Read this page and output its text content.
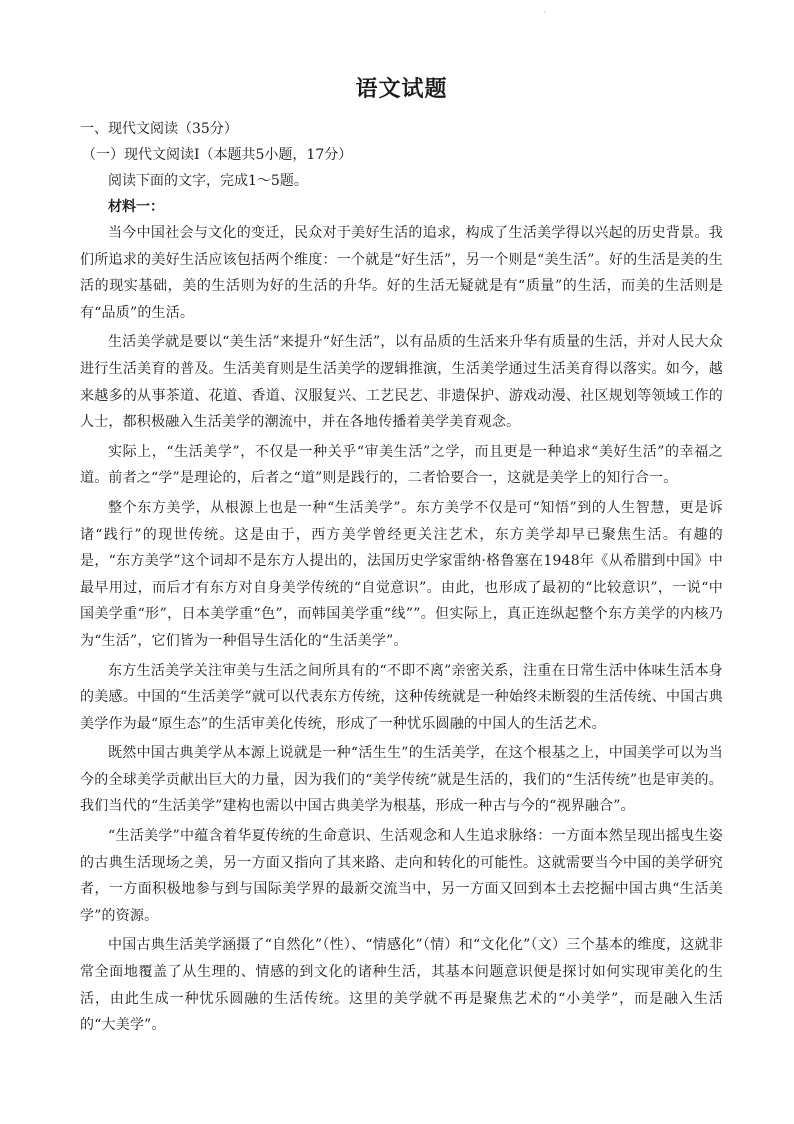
·
语文试题

一、现代文阅读（35分）

（一）现代文阅读Ⅰ（本题共5小题，17分）

阅读下面的文字，完成1～5题。

材料一：

当今中国社会与文化的变迁，民众对于美好生活的追求，构成了生活美学得以兴起的历史背景。我们所追求的美好生活应该包括两个维度：一个就是“好生活”，另一个则是“美生活”。好的生活是美的生活的现实基础，美的生活则为好的生活的升华。好的生活无疑就是有“质量”的生活，而美的生活则是有“品质”的生活。

生活美学就是要以“美生活”来提升“好生活”，以有品质的生活来升华有质量的生活，并对人民大众进行生活美育的普及。生活美育则是生活美学的逻辑推演，生活美学通过生活美育得以落实。如今，越来越多的从事茶道、花道、香道、汉服复兴、工艺民艺、非遗保护、游戏动漫、社区规划等领域工作的人士，都积极融入生活美学的潮流中，并在各地传播着美学美育观念。

实际上，“生活美学”，不仅是一种关乎“审美生活”之学，而且更是一种追求“美好生活”的幸福之道。前者之“学”是理论的，后者之“道”则是践行的，二者恰要合一，这就是美学上的知行合一。

整个东方美学，从根源上也是一种“生活美学”。东方美学不仅是可“知悟”到的人生智慧，更是诉诸“践行”的现世传统。这是由于，西方美学曾经更关注艺术，东方美学却早已聚焦生活。有趣的是，“东方美学”这个词却不是东方人提出的，法国历史学家雷纳·格鲁塞在1948年《从希腊到中国》中最早用过，而后才有东方对自身美学传统的“自觉意识”。由此，也形成了最初的“比较意识”，一说“中国美学重“形”，日本美学重“色”，而韩国美学重“线””。但实际上，真正连纵起整个东方美学的内核乃为“生活”，它们皆为一种倡导生活化的“生活美学”。

东方生活美学关注审美与生活之间所具有的“不即不离”亲密关系，注重在日常生活中体味生活本身的美感。中国的“生活美学”就可以代表东方传统，这种传统就是一种始终未断裂的生活传统、中国古典美学作为最“原生态”的生活审美化传统，形成了一种忧乐圆融的中国人的生活艺术。

既然中国古典美学从本源上说就是一种“活生生”的生活美学，在这个根基之上，中国美学可以为当今的全球美学贡献出巨大的力量，因为我们的“美学传统”就是生活的，我们的“生活传统”也是审美的。我们当代的“生活美学”建构也需以中国古典美学为根基，形成一种古与今的“视界融合”。

“生活美学”中蕴含着华夏传统的生命意识、生活观念和人生追求脉络：一方面本然呈现出摇曳生姿的古典生活现场之美，另一方面又指向了其来路、走向和转化的可能性。这就需要当今中国的美学研究者，一方面积极地参与到与国际美学界的最新交流当中，另一方面又回到本土去挖掘中国古典“生活美学”的资源。

中国古典生活美学涵摄了“自然化”（性）、“情感化”（情）和“文化化”（文）三个基本的维度，这就非常全面地覆盖了从生理的、情感的到文化的诸种生活，其基本问题意识便是探讨如何实现审美化的生活，由此生成一种忧乐圆融的生活传统。这里的美学就不再是聚焦艺术的“小美学”，而是融入生活的“大美学”。
